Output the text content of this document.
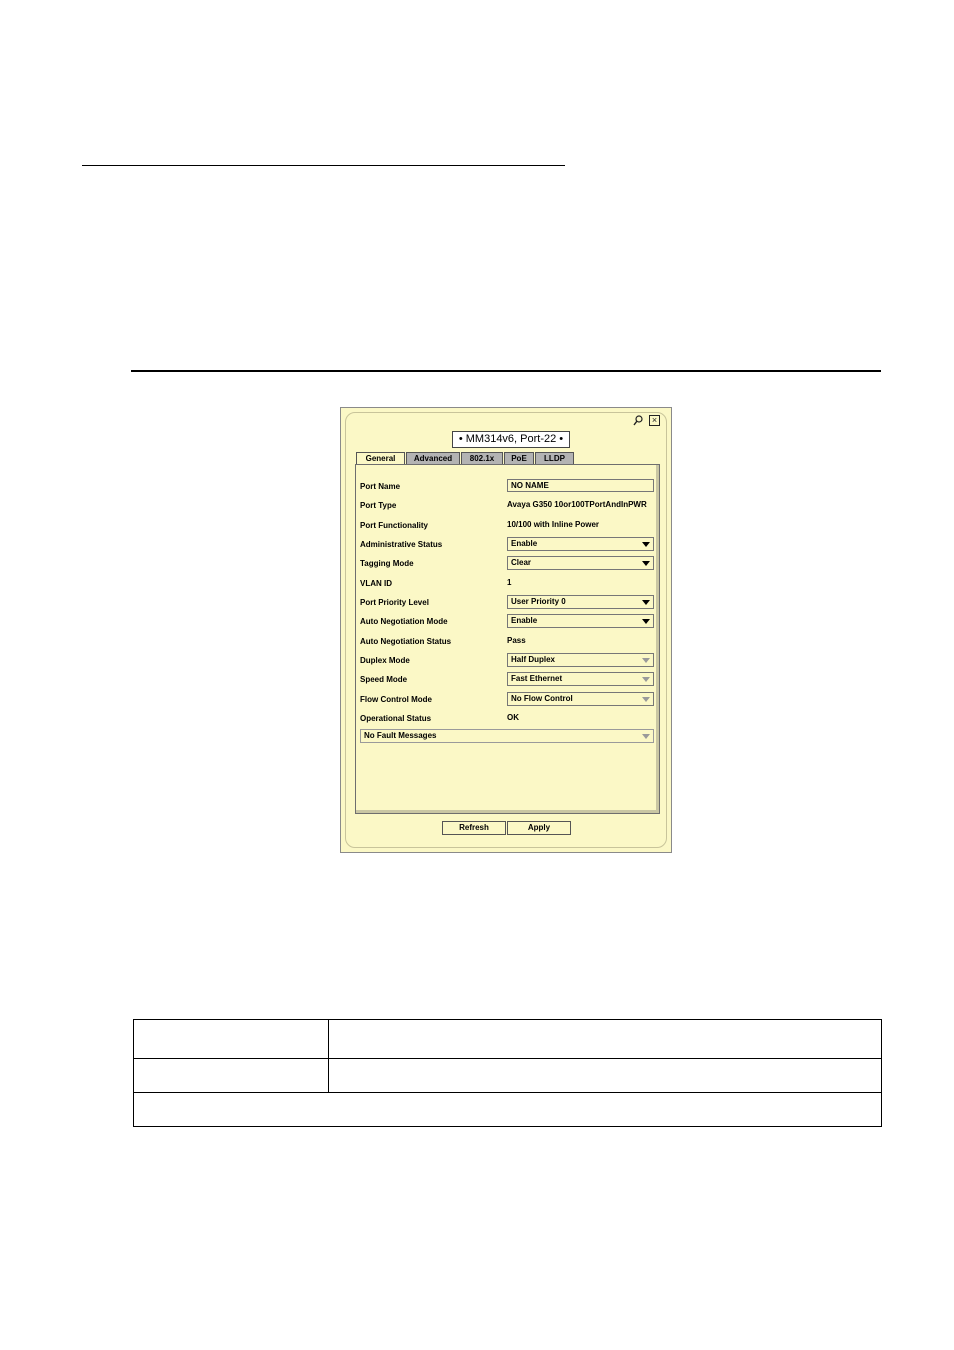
×
• MM314v6, Port-22 •
General	Advanced	802.1x	PoE	LLDP
Port Name	NO NAME
Port Type	Avaya G350 10or100TPortAndInPWR
Port Functionality	10/100 with Inline Power
Administrative Status	Enable
Tagging Mode	Clear
VLAN ID	1
Port Priority Level	User Priority 0
Auto Negotiation Mode	Enable
Auto Negotiation Status	Pass
Duplex Mode	Half Duplex
Speed Mode	Fast Ethernet
Flow Control Mode	No Flow Control
Operational Status	OK
No Fault Messages
Refresh	Apply
